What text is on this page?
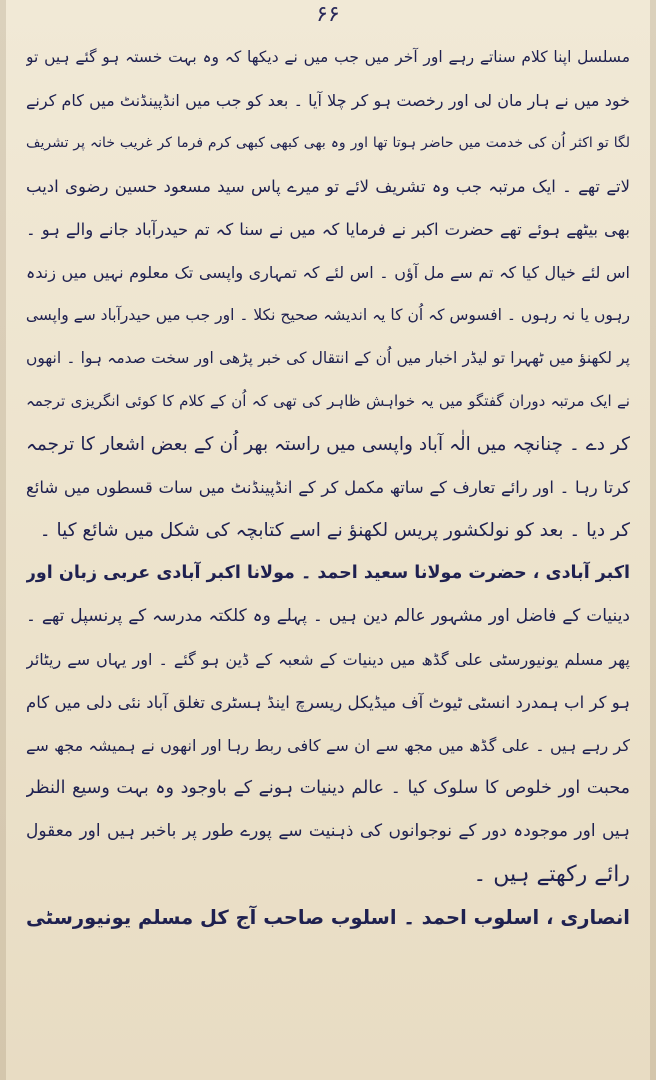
۶۶
مسلسل اپنا کلام سناتے رہے اور آخر میں جب میں نے دیکھا کہ وہ بہت خستہ ہو گئے ہیں تو
خود میں نے ہار مان لی اور رخصت ہو کر چلا آیا ۔ بعد کو جب میں انڈپینڈنٹ میں کام کرنے
لگا تو اکثر اُن کی خدمت میں حاضر ہوتا تھا اور وہ بھی کبھی کبھی کرم فرما کر غریب خانہ پر تشریف
لاتے تھے ۔ ایک مرتبہ جب وہ تشریف لائے تو میرے پاس سید مسعود حسین رضوی ادیب
بھی بیٹھے ہوئے تھے حضرت اکبر نے فرمایا کہ میں نے سنا کہ تم حیدرآباد جانے والے ہو ۔
اس لئے خیال کیا کہ تم سے مل آؤں ۔ اس لئے کہ تمہاری واپسی تک معلوم نہیں میں زندہ
رہوں یا نہ رہوں ۔ افسوس کہ اُن کا یہ اندیشہ صحیح نکلا ۔ اور جب میں حیدرآباد سے واپسی
پر لکھنؤ میں ٹھہرا تو لیڈر اخبار میں اُن کے انتقال کی خبر پڑھی اور سخت صدمہ ہوا ۔ انھوں
نے ایک مرتبہ دوران گفتگو میں یہ خواہش ظاہر کی تھی کہ اُن کے کلام کا کوئی انگریزی ترجمہ
کر دے ۔ چنانچہ میں الٰہ آباد واپسی میں راستہ بھر اُن کے بعض اشعار کا ترجمہ
کرتا رہا ۔ اور رائے تعارف کے ساتھ مکمل کر کے انڈپینڈنٹ میں سات قسطوں میں شائع
کر دیا ۔ بعد کو نولکشور پریس لکھنؤ نے اسے کتابچہ کی شکل میں شائع کیا ۔
اکبر آبادی ، حضرت مولانا سعید احمد ۔ مولانا اکبر آبادی عربی زبان اور
دینیات کے فاضل اور مشہور عالم دین ہیں ۔ پہلے وہ کلکتہ مدرسہ کے پرنسپل تھے ۔
پھر مسلم یونیورسٹی علی گڈھ میں دینیات کے شعبہ کے ڈین ہو گئے ۔ اور یہاں سے ریٹائر
ہو کر اب ہمدرد انسٹی ٹیوٹ آف میڈیکل ریسرچ اینڈ ہسٹری تغلق آباد نئی دلی میں کام
کر رہے ہیں ۔ علی گڈھ میں مجھ سے ان سے کافی ربط رہا اور انھوں نے ہمیشہ مجھ سے
محبت اور خلوص کا سلوک کیا ۔ عالم دینیات ہونے کے باوجود وہ بہت وسیع النظر
ہیں اور موجودہ دور کے نوجوانوں کی ذہنیت سے پورے طور پر باخبر ہیں اور معقول
رائے رکھتے ہیں ۔
انصاری ، اسلوب احمد ۔ اسلوب صاحب آج کل مسلم یونیورسٹی
